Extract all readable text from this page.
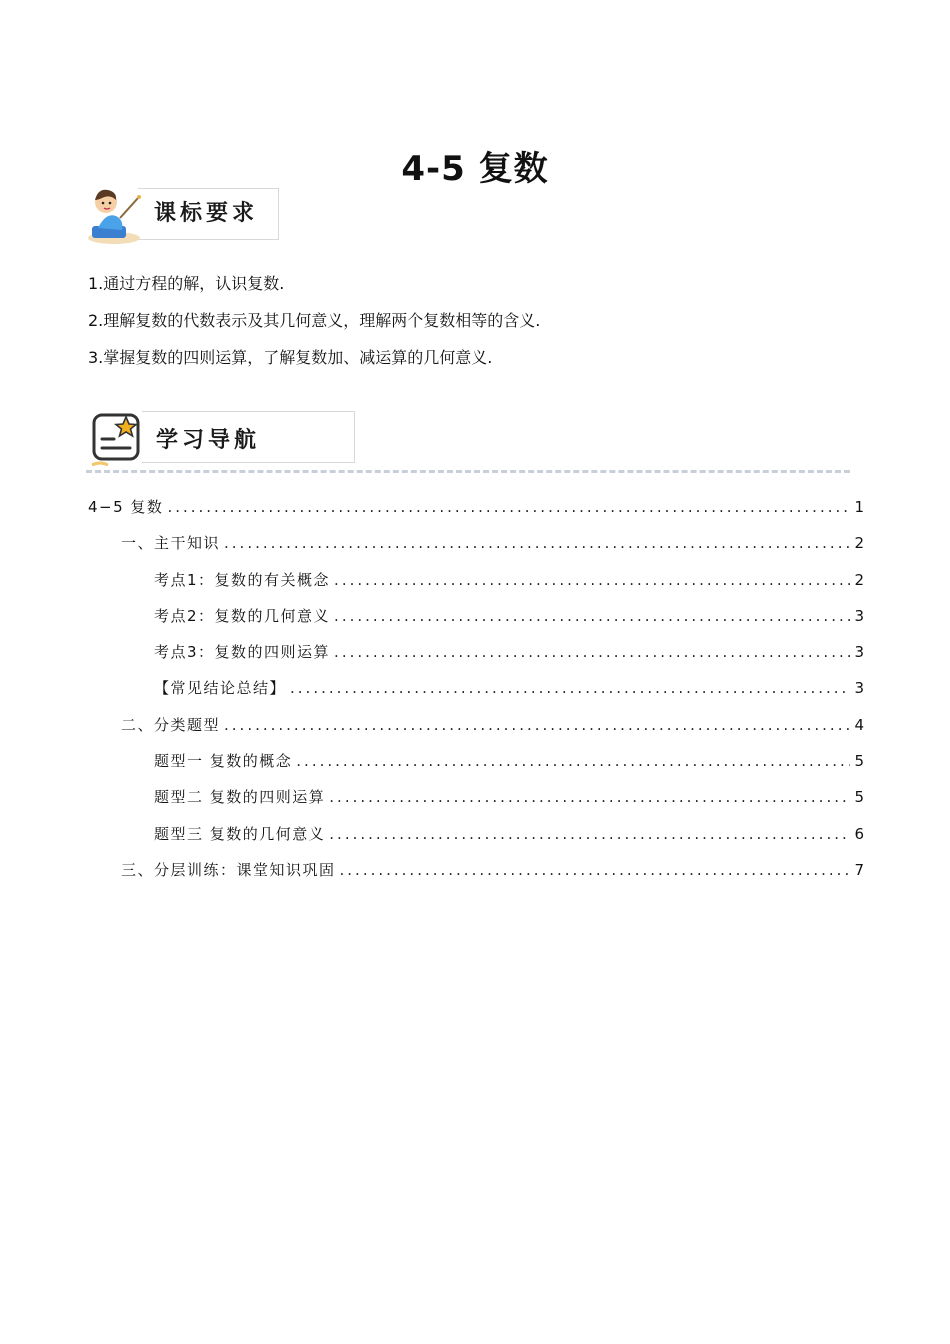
4-5 复数
课标要求
1.通过方程的解，认识复数.
2.理解复数的代数表示及其几何意义，理解两个复数相等的含义.
3.掌握复数的四则运算，了解复数加、减运算的几何意义.
学习导航
4−5 复数 .....	1
一、主干知识 .....	2
考点1：复数的有关概念 .....	2
考点2：复数的几何意义 .....	3
考点3：复数的四则运算 .....	3
【常见结论总结】 .....	3
二、分类题型 .....	4
题型一 复数的概念 .....	5
题型二 复数的四则运算 .....	5
题型三 复数的几何意义 .....	6
三、分层训练：课堂知识巩固 .....	7
